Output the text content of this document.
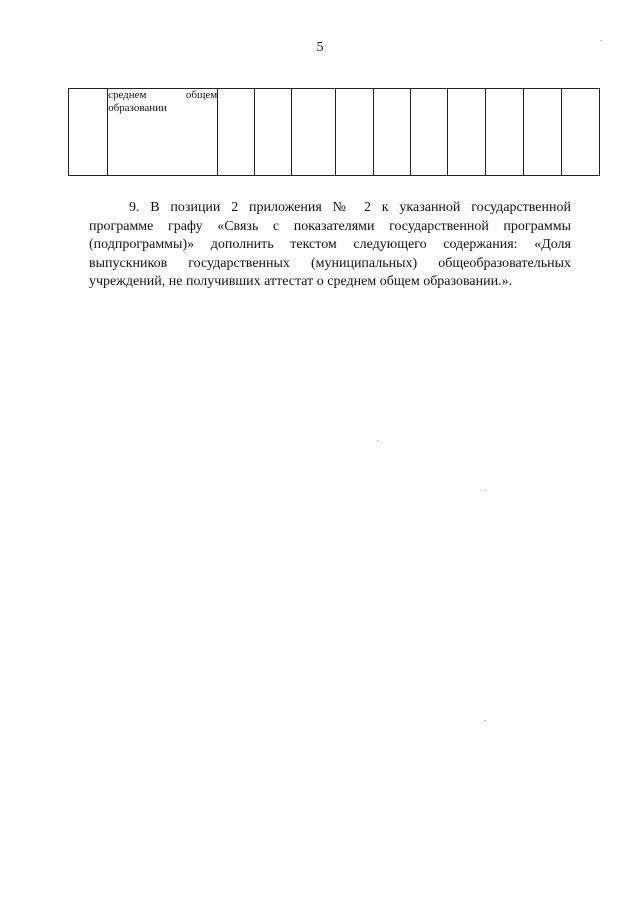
5

среднем общем
образовании

9. В позиции 2 приложения № 2 к указанной государственной
программе графу «Связь с показателями государственной программы
(подпрограммы)» дополнить текстом следующего содержания: «Доля
выпускников государственных (муниципальных) общеобразовательных
учреждений, не получивших аттестат о среднем общем образовании.».
